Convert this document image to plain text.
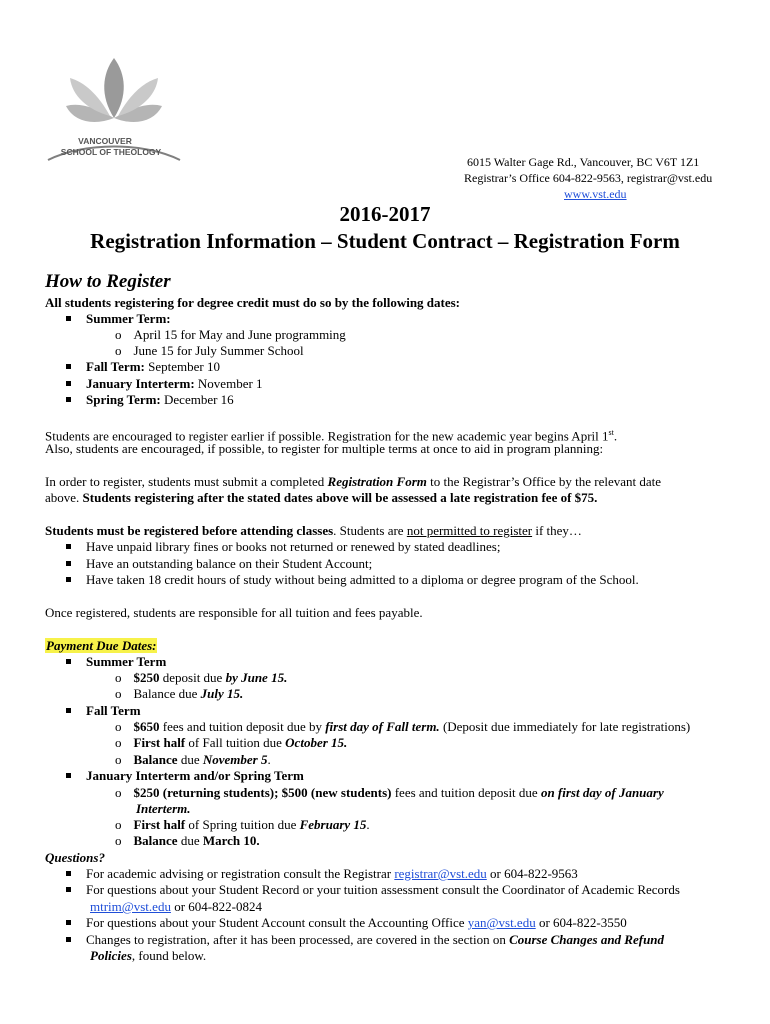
VANCOUVER
SCHOOL OF THEOLOGY
6015 Walter Gage Rd., Vancouver, BC V6T 1Z1
Registrar’s Office 604-822-9563, registrar@vst.edu
www.vst.edu
2016-2017
Registration Information – Student Contract – Registration Form
How to Register
All students registering for degree credit must do so by the following dates:
Summer Term:
o April 15 for May and June programming
o June 15 for July Summer School
Fall Term: September 10
January Interterm: November 1
Spring Term: December 16
Students are encouraged to register earlier if possible. Registration for the new academic year begins April 1st.
Also, students are encouraged, if possible, to register for multiple terms at once to aid in program planning:
In order to register, students must submit a completed Registration Form to the Registrar’s Office by the relevant date
above. Students registering after the stated dates above will be assessed a late registration fee of $75.
Students must be registered before attending classes. Students are not permitted to register if they…
Have unpaid library fines or books not returned or renewed by stated deadlines;
Have an outstanding balance on their Student Account;
Have taken 18 credit hours of study without being admitted to a diploma or degree program of the School.
Once registered, students are responsible for all tuition and fees payable.
Payment Due Dates:
Summer Term
o $250 deposit due by June 15.
o Balance due July 15.
Fall Term
o $650 fees and tuition deposit due by first day of Fall term. (Deposit due immediately for late registrations)
o First half of Fall tuition due October 15.
o Balance due November 5.
January Interterm and/or Spring Term
o $250 (returning students); $500 (new students) fees and tuition deposit due on first day of January
Interterm.
o First half of Spring tuition due February 15.
o Balance due March 10.
Questions?
For academic advising or registration consult the Registrar registrar@vst.edu or 604-822-9563
For questions about your Student Record or your tuition assessment consult the Coordinator of Academic Records
mtrim@vst.edu or 604-822-0824
For questions about your Student Account consult the Accounting Office yan@vst.edu or 604-822-3550
Changes to registration, after it has been processed, are covered in the section on Course Changes and Refund
Policies, found below.
